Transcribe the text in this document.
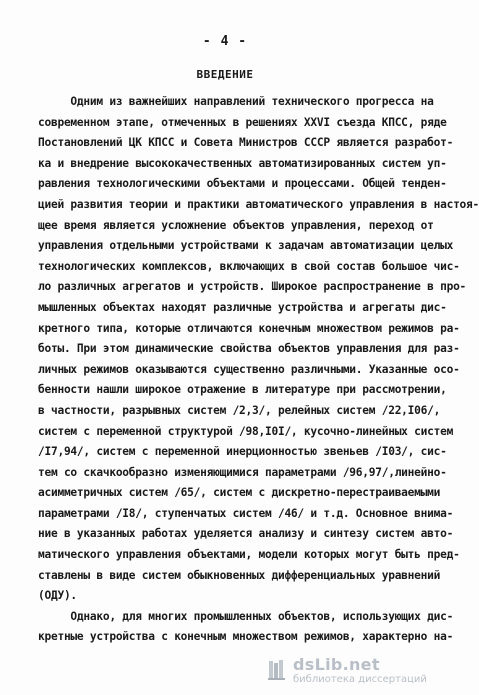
- 4 -
ВВЕДЕНИЕ
Одним из важнейших направлений технического прогресса на
современном этапе, отмеченных в решениях XXVI съезда КПСС, ряде
Постановлений ЦК КПСС и Совета Министров СССР является разработ-
ка и внедрение высококачественных автоматизированных систем уп-
равления технологическими объектами и процессами. Общей тенден-
цией развития теории и практики автоматического управления в настоя-
щее время является усложнение объектов управления, переход от
управления отдельными устройствами к задачам автоматизации целых
технологических комплексов, включающих в свой состав большое чис-
ло различных агрегатов и устройств. Широкое распространение в про-
мышленных объектах находят различные устройства и агрегаты дис-
кретного типа, которые отличаются конечным множеством режимов ра-
боты. При этом динамические свойства объектов управления для раз-
личных режимов оказываются существенно различными. Указанные осо-
бенности нашли широкое отражение в литературе при рассмотрении,
в частности, разрывных систем /2,3/, релейных систем /22,I06/,
систем с переменной структурой /98,I0I/, кусочно-линейных систем
/I7,94/, систем с переменной инерционностью звеньев /I03/, сис-
тем со скачкообразно изменяющимися параметрами /96,97/,линейно-
асимметричных систем /65/, систем с дискретно-перестраиваемыми
параметрами /I8/, ступенчатых систем /46/ и т.д. Основное внима-
ние в указанных работах уделяется анализу и синтезу систем авто-
матического управления объектами, модели которых могут быть пред-
ставлены в виде систем обыкновенных дифференциальных уравнений
(ОДУ).
Однако, для многих промышленных объектов, использующих дис-
кретные устройства с конечным множеством режимов, характерно на-
dsLib.net
библиотека диссертаций
